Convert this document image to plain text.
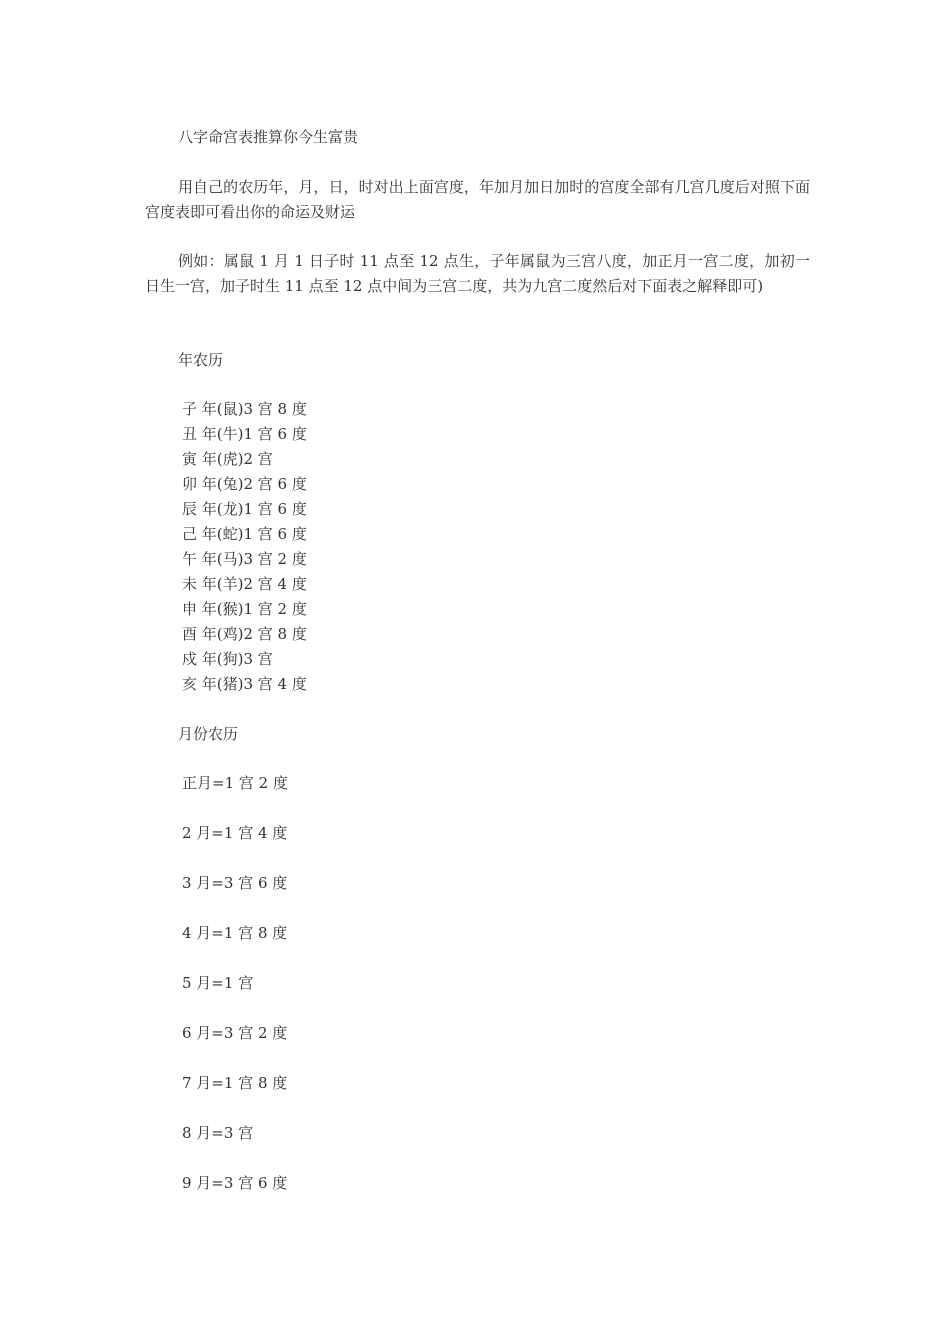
八字命宫表推算你今生富贵

用自己的农历年，月，日，时对出上面宫度，年加月加日加时的宫度全部有几宫几度后对照下面宫度表即可看出你的命运及财运

例如：属鼠 1 月 1 日子时 11 点至 12 点生，子年属鼠为三宫八度，加正月一宫二度，加初一日生一宫，加子时生 11 点至 12 点中间为三宫二度，共为九宫二度然后对下面表之解释即可)

年农历

子 年(鼠)3 宫 8 度
丑 年(牛)1 宫 6 度
寅 年(虎)2 宫
卯 年(兔)2 宫 6 度
辰 年(龙)1 宫 6 度
己 年(蛇)1 宫 6 度
午 年(马)3 宫 2 度
未 年(羊)2 宫 4 度
申 年(猴)1 宫 2 度
酉 年(鸡)2 宫 8 度
戍 年(狗)3 宫
亥 年(猪)3 宫 4 度

月份农历

正月=1 宫 2 度
2 月=1 宫 4 度
3 月=3 宫 6 度
4 月=1 宫 8 度
5 月=1 宫
6 月=3 宫 2 度
7 月=1 宫 8 度
8 月=3 宫
9 月=3 宫 6 度
